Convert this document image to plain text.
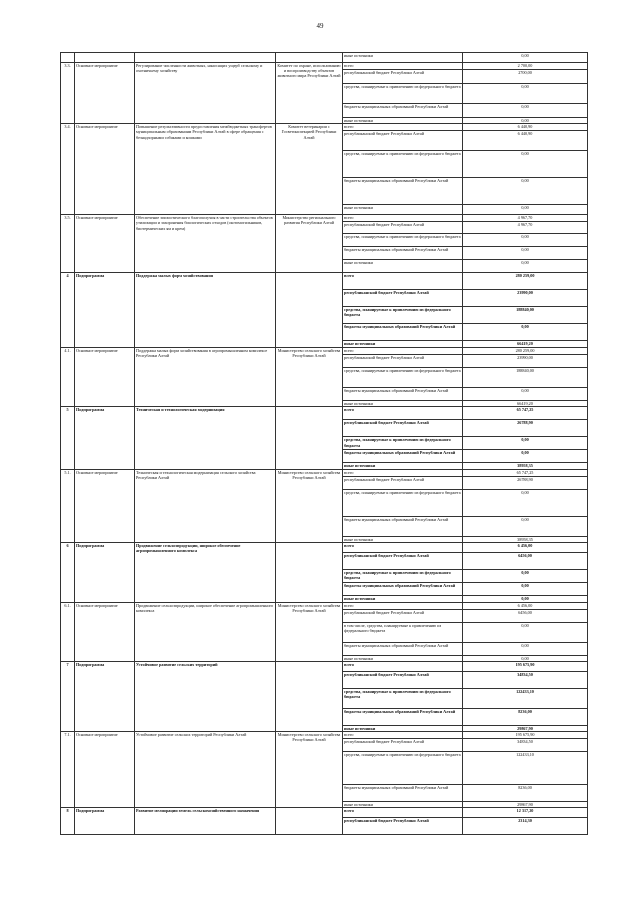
49
				иные источники	0,00
3.3.	Основное мероприятие	Регулирование численности животных, наносящих ущерб сельскому и охотничьему хозяйству	Комитет по охране, использованию и воспроизводству объектов животного мира Республики Алтай	всего	2 700,00
				республиканский бюджет Республики Алтай	2700,00
				средства, планируемые к привлечению из федерального бюджета	0,00
				бюджеты муниципальных образований Республики Алтай	0,00
				иные источники	0,00
3.4.	Основное мероприятие	Повышение результативности предоставления межбюджетных трансфертов муниципальным образованиям Республики Алтай в сфере обращения с безнадзорными собаками и кошками	Комитет ветеринарии с Госветинспекцией Республики Алтай	всего	6 440,90
				республиканский бюджет Республики Алтай	6 440,90
				средства, планируемые к привлечению из федерального бюджета	0,00
				бюджеты муниципальных образований Республики Алтай	0,00
				иные источники	0,00
3.5.	Основное мероприятие	Обеспечение эпизоотического благополучия в части строительства объектов утилизации и захоронения биологических отходов (скотомогильников, биотермических ям и крем)	Министерство регионального развития Республики Алтай	всего	4 967,70
				республиканский бюджет Республики Алтай	4 967,70
				средства, планируемые к привлечению из федерального бюджета	0,00
				бюджеты муниципальных образований Республики Алтай	0,00
				иные источники	0,00
4	Подпрограмма	Поддержка малых форм хозяйствования		всего	280 259,00
				республиканский бюджет Республики Алтай	23990,00
				средства, планируемые к привлечению из федерального бюджета	188840,00
				бюджеты муниципальных образований Республики Алтай	0,00
				иные источники	66419,20
4.1.	Основное мероприятие	Поддержка малых форм хозяйствования в агропромышленном комплексе Республики Алтай	Министерство сельского хозяйства Республики Алтай	всего	280 259,00
				республиканский бюджет Республики Алтай	23990,00
				средства, планируемые к привлечению из федерального бюджета	188840,00
				бюджеты муниципальных образований Республики Алтай	0,00
				иные источники	66419,20
5	Подпрограмма	Техническая и технологическая модернизация		всего	65 747,25
				республиканский бюджет Республики Алтай	26788,90
				средства, планируемые к привлечению из федерального бюджета	0,00
				бюджеты муниципальных образований Республики Алтай	0,00
				иные источники	38958,35
5.1.	Основное мероприятие	Техническая и технологическая модернизация сельского хозяйства Республики Алтай	Министерство сельского хозяйства Республики Алтай	всего	65 747,25
				республиканский бюджет Республики Алтай	26788,90
				средства, планируемые к привлечению из федерального бюджета	0,00
				бюджеты муниципальных образований Республики Алтай	0,00
				иные источники	38958,35
6	Подпрограмма	Продвижение сельхозпродукции, широкое обеспечение агропромышленного комплекса		всего	6 456,00
				республиканский бюджет Республики Алтай	6456,00
				средства, планируемые к привлечению из федерального бюджета	0,00
				бюджеты муниципальных образований Республики Алтай	0,00
				иные источники	0,00
6.1.	Основное мероприятие	Продвижение сельхозпродукции, широкое обеспечение агропромышленного комплекса	Министерство сельского хозяйства Республики Алтай	всего	6 456,00
				республиканский бюджет Республики Алтай	6456,00
				в том числе, средства, планируемые к привлечению из федерального бюджета	0,00
				бюджеты муниципальных образований Республики Алтай	0,00
				иные источники	0,00
7	Подпрограмма	Устойчивое развитие сельских территорий		всего	195 675,90
				республиканский бюджет Республики Алтай	34834,50
				средства, планируемые к привлечению из федерального бюджета	122433,10
				бюджеты муниципальных образований Республики Алтай	8236,00
				иные источники	29867,90
7.1.	Основное мероприятие	Устойчивое развитие сельских территорий Республики Алтай	Министерство сельского хозяйства Республики Алтай	всего	195 675,90
				республиканский бюджет Республики Алтай	34834,50
				средства, планируемые к привлечению из федерального бюджета	122433,10
				бюджеты муниципальных образований Республики Алтай	8236,00
				иные источники	29867,90
8	Подпрограмма	Развитие мелиорации земель сельскохозяйственного назначения		всего	12 317,20
				республиканский бюджет Республики Алтай	2314,30
